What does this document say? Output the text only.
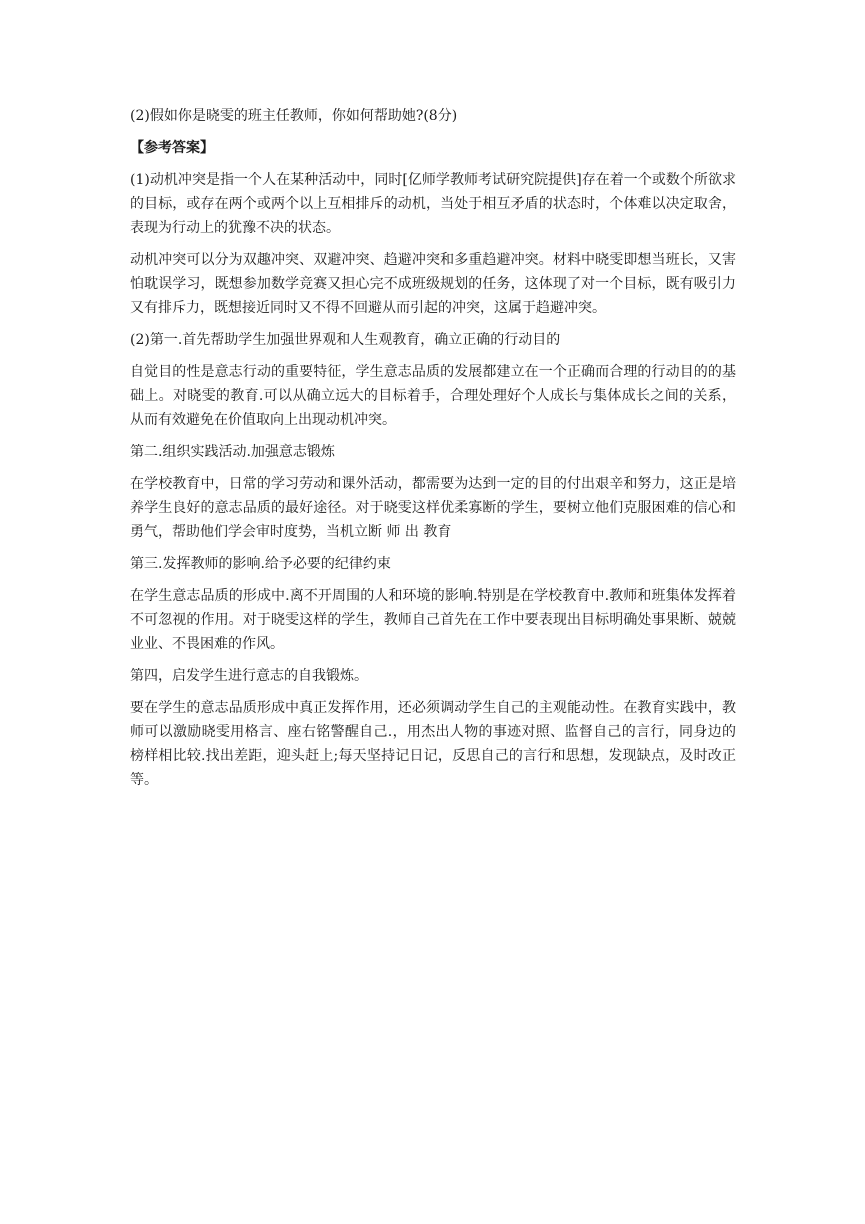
(2)假如你是晓雯的班主任教师，你如何帮助她?(8分)

【参考答案】

(1)动机冲突是指一个人在某种活动中，同时[亿师学教师考试研究院提供]存在着一个或数个所欲求的目标，或存在两个或两个以上互相排斥的动机，当处于相互矛盾的状态时，个体难以决定取舍，表现为行动上的犹豫不决的状态。

动机冲突可以分为双趣冲突、双避冲突、趋避冲突和多重趋避冲突。材料中晓雯即想当班长，又害怕耽误学习，既想参加数学竞赛又担心完不成班级规划的任务，这体现了对一个目标，既有吸引力又有排斥力，既想接近同时又不得不回避从而引起的冲突，这属于趋避冲突。

(2)第一.首先帮助学生加强世界观和人生观教育，确立正确的行动目的

自觉目的性是意志行动的重要特征，学生意志品质的发展都建立在一个正确而合理的行动目的的基础上。对晓雯的教育.可以从确立远大的目标着手，合理处理好个人成长与集体成长之间的关系，从而有效避免在价值取向上出现动机冲突。

第二.组织实践活动.加强意志锻炼

在学校教育中，日常的学习劳动和课外活动，都需要为达到一定的目的付出艰辛和努力，这正是培养学生良好的意志品质的最好途径。对于晓雯这样优柔寡断的学生，要树立他们克服困难的信心和勇气，帮助他们学会审时度势，当机立断 师 出 教育

第三.发挥教师的影响.给予必要的纪律约束

在学生意志品质的形成中.离不开周围的人和环境的影响.特别是在学校教育中.教师和班集体发挥着不可忽视的作用。对于晓雯这样的学生，教师自己首先在工作中要表现出目标明确处事果断、兢兢业业、不畏困难的作风。

第四，启发学生进行意志的自我锻炼。

要在学生的意志品质形成中真正发挥作用，还必须调动学生自己的主观能动性。在教育实践中，教师可以激励晓雯用格言、座右铭警醒自己.，用杰出人物的事迹对照、监督自己的言行，同身边的榜样相比较.找出差距，迎头赶上;每天坚持记日记，反思自己的言行和思想，发现缺点，及时改正等。
